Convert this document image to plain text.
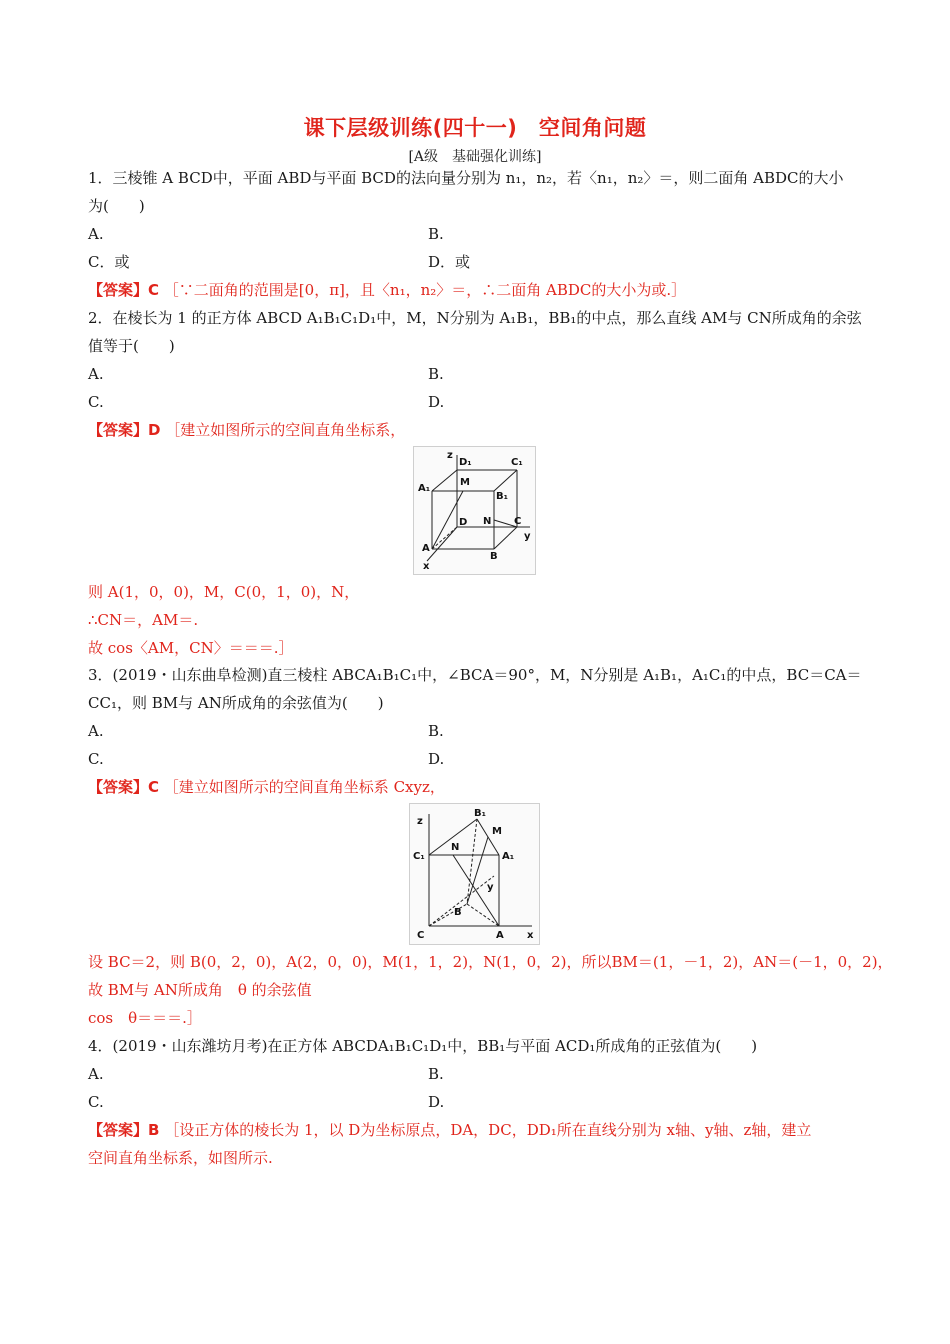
课下层级训练(四十一)　空间角问题
[A级　基础强化训练]
1．三棱锥 A BCD中，平面 ABD与平面 BCD的法向量分别为 n₁，n₂，若〈n₁，n₂〉＝，则二面角 ABDC的大小
为(　　)
A.	B.
C．或	D．或
【答案】C ［∵二面角的范围是[0，π]，且〈n₁，n₂〉＝，∴二面角 ABDC的大小为或.］
2．在棱长为 1 的正方体 ABCD A₁B₁C₁D₁中，M，N分别为 A₁B₁，BB₁的中点，那么直线 AM与 CN所成角的余弦
值等于(　　)
A.	B.
C.	D.
【答案】D ［建立如图所示的空间直角坐标系，
z
D₁	C₁
A₁
M
B₁
D N C
y
A
B
x
则 A(1，0，0)，M，C(0，1，0)，N，
∴CN＝，AM＝.
故 cos〈AM，CN〉＝＝＝.］
3．(2019・山东曲阜检测)直三棱柱 ABCA₁B₁C₁中，∠BCA＝90°，M，N分别是 A₁B₁，A₁C₁的中点，BC＝CA＝
CC₁，则 BM与 AN所成角的余弦值为(　　)
A.	B.
C.	D.
【答案】C ［建立如图所示的空间直角坐标系 Cxyz，
z
B₁
M
C₁
N
A₁
y
B
C	A x
设 BC＝2，则 B(0，2，0)，A(2，0，0)，M(1，1，2)，N(1，0，2)，所以BM＝(1，－1，2)，AN＝(－1，0，2)，
故 BM与 AN所成角　θ 的余弦值
cos　θ＝＝＝.］
4．(2019・山东潍坊月考)在正方体 ABCDA₁B₁C₁D₁中，BB₁与平面 ACD₁所成角的正弦值为(　　)
A.	B.
C.	D.
【答案】B ［设正方体的棱长为 1，以 D为坐标原点，DA，DC，DD₁所在直线分别为 x轴、y轴、z轴，建立
空间直角坐标系，如图所示.
